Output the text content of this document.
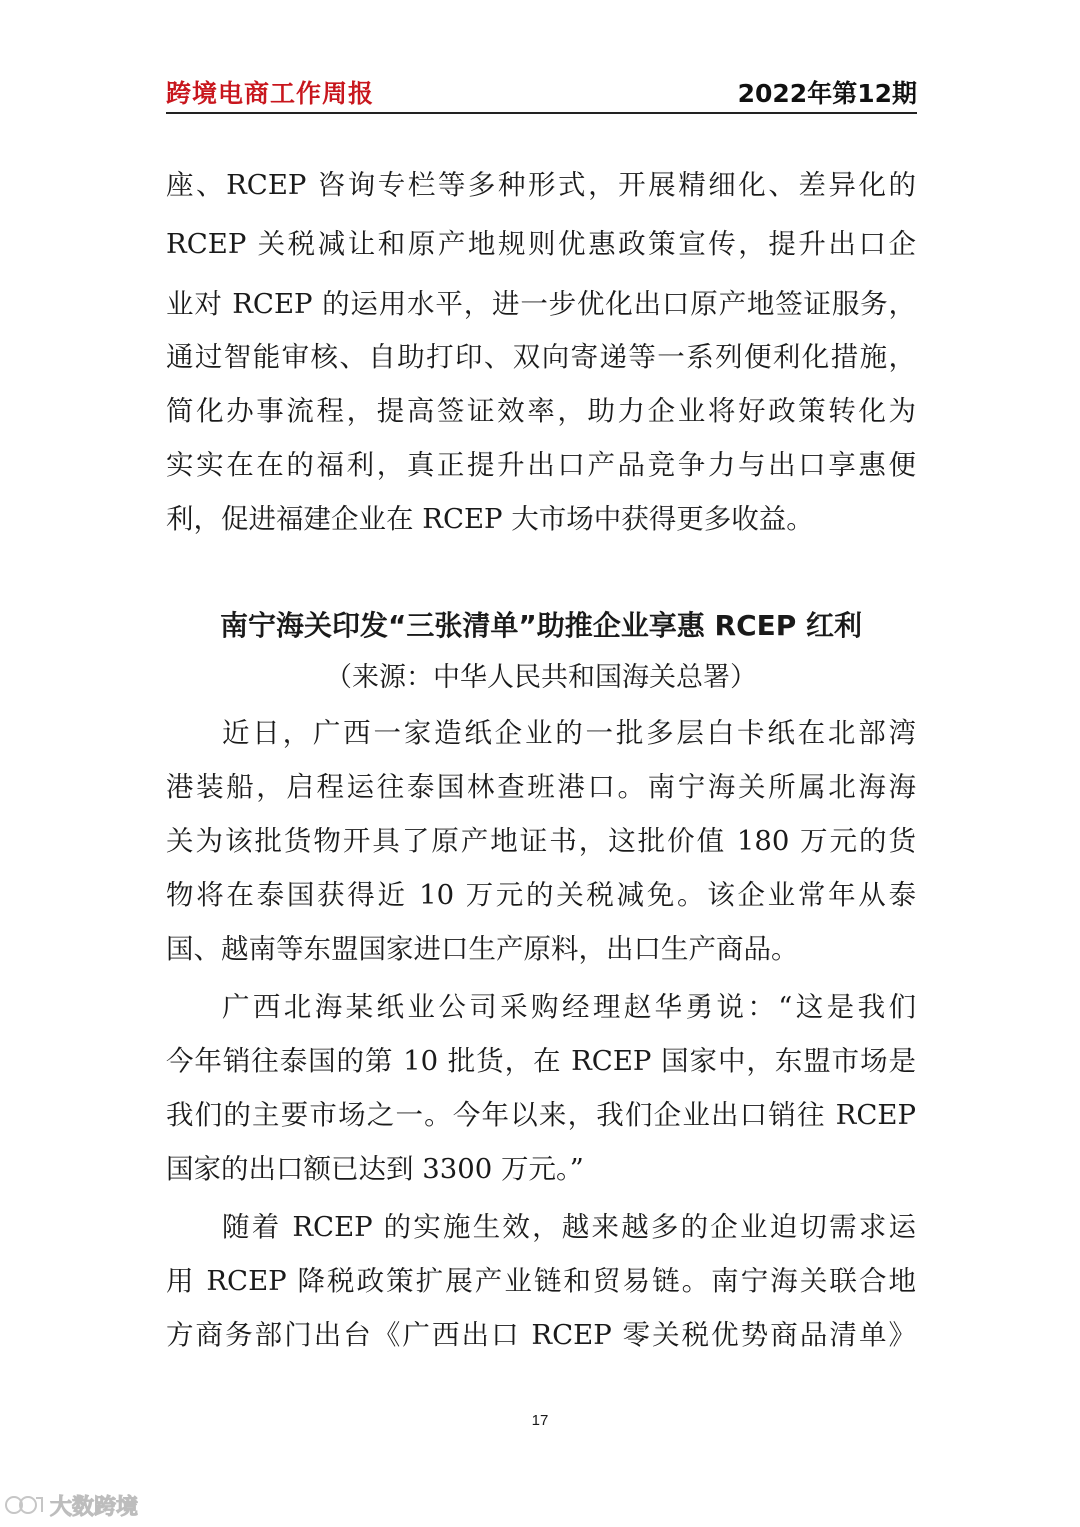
跨境电商工作周报	2022年第12期
座、RCEP 咨询专栏等多种形式，开展精细化、差异化的
RCEP 关税减让和原产地规则优惠政策宣传，提升出口企
业对 RCEP 的运用水平，进一步优化出口原产地签证服务，
通过智能审核、自助打印、双向寄递等一系列便利化措施，
简化办事流程，提高签证效率，助力企业将好政策转化为
实实在在的福利，真正提升出口产品竞争力与出口享惠便
利，促进福建企业在 RCEP 大市场中获得更多收益。
南宁海关印发“三张清单”助推企业享惠 RCEP 红利
（来源：中华人民共和国海关总署）
近日，广西一家造纸企业的一批多层白卡纸在北部湾
港装船，启程运往泰国林查班港口。南宁海关所属北海海
关为该批货物开具了原产地证书，这批价值 180 万元的货
物将在泰国获得近 10 万元的关税减免。该企业常年从泰
国、越南等东盟国家进口生产原料，出口生产商品。
广西北海某纸业公司采购经理赵华勇说：“这是我们
今年销往泰国的第 10 批货，在 RCEP 国家中，东盟市场是
我们的主要市场之一。今年以来，我们企业出口销往 RCEP
国家的出口额已达到 3300 万元。”
随着 RCEP 的实施生效，越来越多的企业迫切需求运
用 RCEP 降税政策扩展产业链和贸易链。南宁海关联合地
方商务部门出台《广西出口 RCEP 零关税优势商品清单》
17
大数跨境
